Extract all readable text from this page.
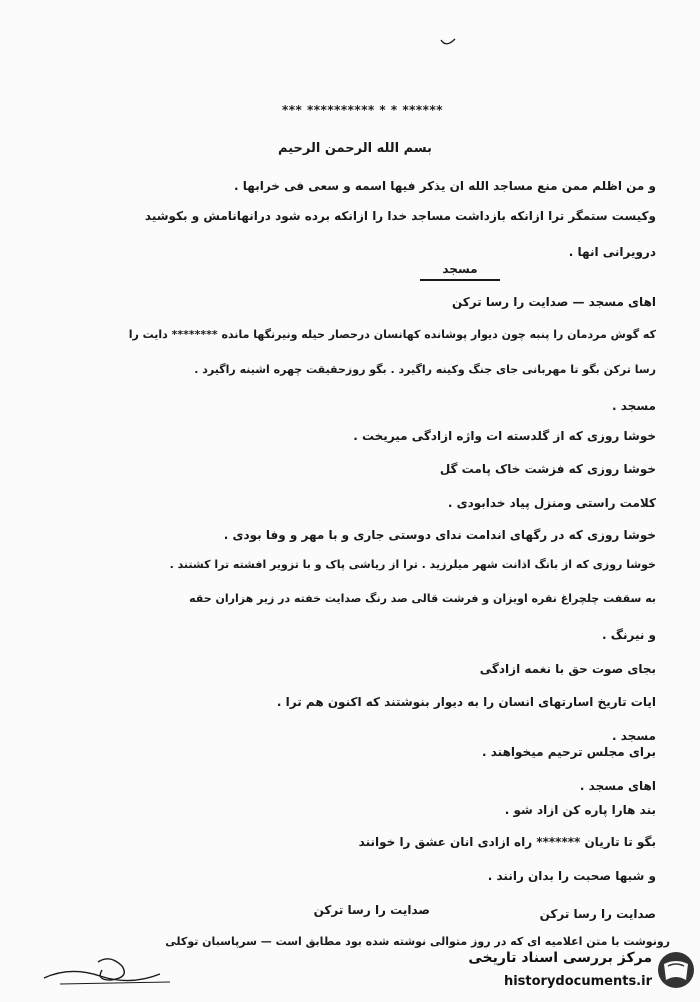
*** ********** * * ******
بسم الله الرحمن الرحیم
و من اظلم ممن منع مساجد الله ان یذکر فیها اسمه و سعی فی خرابها .
وکیست ستمگر ترا ازانکه بازداشت مساجد خدا را ازانکه برده شود درانهانامش و بکوشید
درویرانی انها .
مسجد
اهای مسجد — صدایت را رسا ترکن
که گوش مردمان را پنبه چون دیوار پوشانده کهانسان درحصار حیله ونیرنگها مانده ******** دایت را
رسا ترکن بگو تا مهربانی جای جنگ وکینه راگیرد . بگو روزحقیقت چهره اشینه راگیرد .
مسجد .
خوشا روزی که از گلدسته ات واژه ازادگی میریخت .
خوشا روزی که فزشت خاک پامت گل
کلامت راستی ومنزل پیاد خدابودی .
خوشا روزی که در رگهای اندامت ندای دوستی جاری و با مهر و وفا بودی .
خوشا روزی که از بانگ اذانت شهر میلرزید . ترا از ریاشی پاک و با تزویر افشته ترا کشتند .
به سقفت چلچراغ نقره اویزان و فرشت قالی صد رنگ صدایت خفته در زیر هزاران حقه
و نیرنگ .
بجای صوت حق با نغمه ازادگی
ایات تاریخ اسارتهای انسان را به دیوار بنوشتند که اکنون هم ترا .
مسجد .
برای مجلس ترحیم میخواهند .
اهای مسجد .
بند هارا پاره کن ازاد شو .
بگو تا تاریان ******* راه ازادی انان عشق را خوانند
و شبها صحبت را بدان رانند .
صدایت را رسا ترکن	صدایت را رسا ترکن
رونوشت با متن اعلامیه ای که در روز متوالی نوشته شده بود مطابق است — سرپاسبان توکلی
مرکز بررسی اسناد تاریخی
historydocuments.ir
